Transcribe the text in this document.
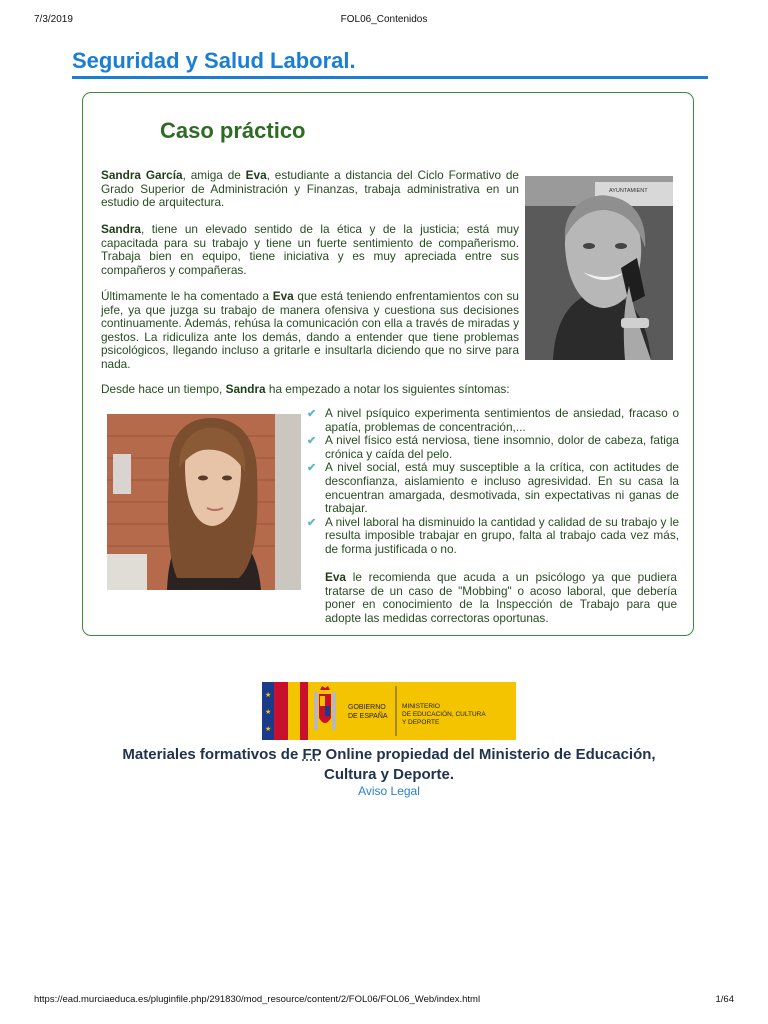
7/3/2019	FOL06_Contenidos
Seguridad y Salud Laboral.
Caso práctico

Sandra García, amiga de Eva, estudiante a distancia del Ciclo Formativo de Grado Superior de Administración y Finanzas, trabaja administrativa en un estudio de arquitectura.

Sandra, tiene un elevado sentido de la ética y de la justicia; está muy capacitada para su trabajo y tiene un fuerte sentimiento de compañerismo. Trabaja bien en equipo, tiene iniciativa y es muy apreciada entre sus compañeros y compañeras.

Últimamente le ha comentado a Eva que está teniendo enfrentamientos con su jefe, ya que juzga su trabajo de manera ofensiva y cuestiona sus decisiones continuamente. Además, rehúsa la comunicación con ella a través de miradas y gestos. La ridiculiza ante los demás, dando a entender que tiene problemas psicológicos, llegando incluso a gritarle e insultarla diciendo que no sirve para nada.

Desde hace un tiempo, Sandra ha empezado a notar los siguientes síntomas:

AYUNTAMIENT
✔ A nivel psíquico experimenta sentimientos de ansiedad, fracaso o apatía, problemas de concentración,...
✔ A nivel físico está nerviosa, tiene insomnio, dolor de cabeza, fatiga crónica y caída del pelo.
✔ A nivel social, está muy susceptible a la crítica, con actitudes de desconfianza, aislamiento e incluso agresividad. En su casa la encuentran amargada, desmotivada, sin expectativas ni ganas de trabajar.
✔ A nivel laboral ha disminuido la cantidad y calidad de su trabajo y le resulta imposible trabajar en grupo, falta al trabajo cada vez más, de forma justificada o no.

Eva le recomienda que acuda a un psicólogo ya que pudiera tratarse de un caso de "Mobbing" o acoso laboral, que debería poner en conocimiento de la Inspección de Trabajo para que adopte las medidas correctoras oportunas.

★
★
★
GOBIERNO
DE ESPAÑA
MINISTERIO
DE EDUCACIÓN, CULTURA
Y DEPORTE

Materiales formativos de FP Online propiedad del Ministerio de Educación, Cultura y Deporte.

Aviso Legal
https://ead.murciaeduca.es/pluginfile.php/291830/mod_resource/content/2/FOL06/FOL06_Web/index.html	1/64
